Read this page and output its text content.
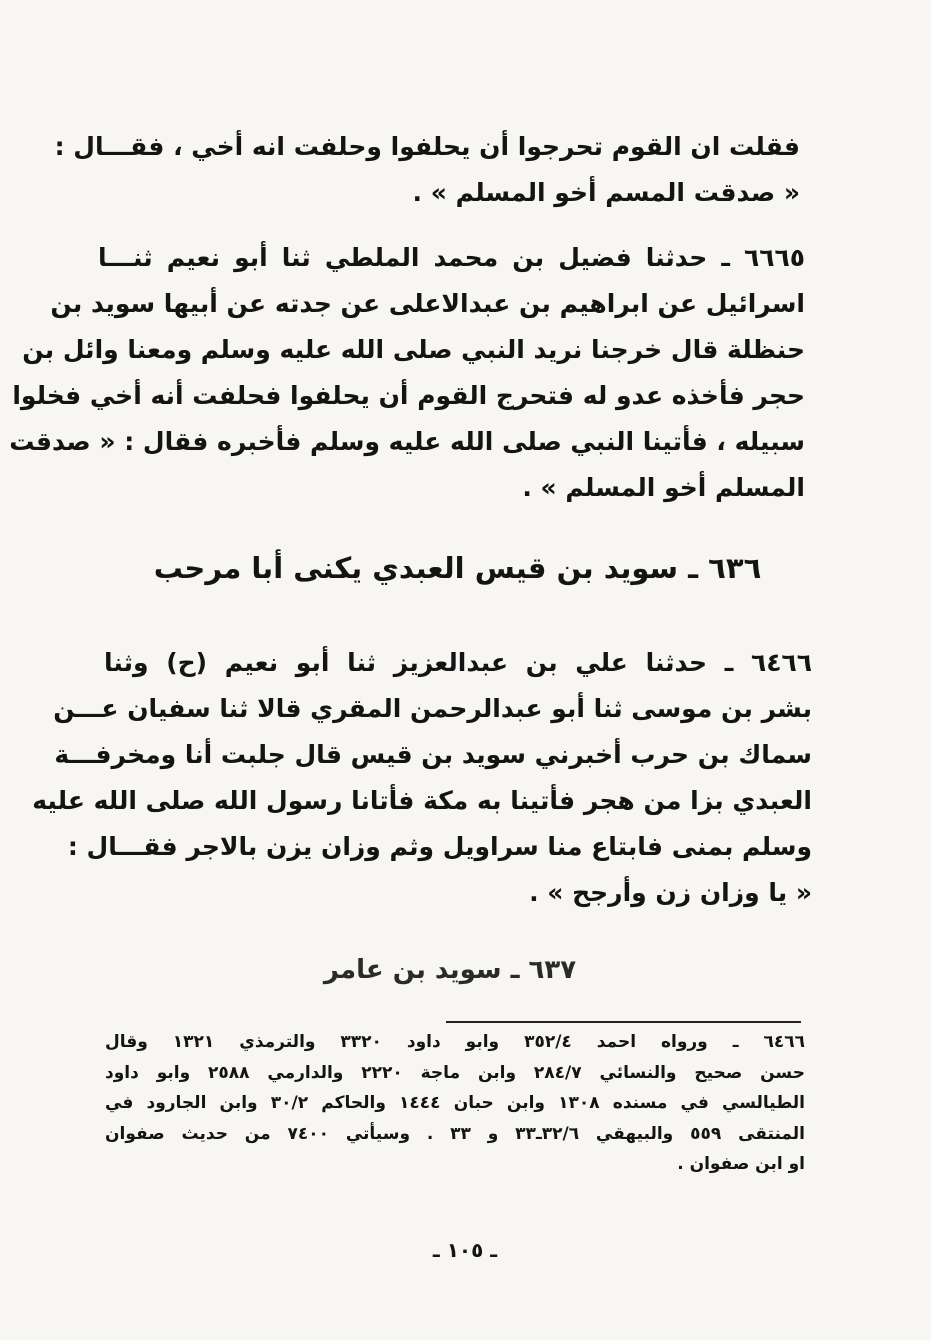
فقلت ان القوم تحرجوا أن يحلفوا وحلفت انه أخي ، فقـــال :
« صدقت المسم أخو المسلم » .
٦٦٦٥ ـ حدثنا فضيل بن محمد الملطي ثنا أبو نعيم ثنـــا
اسرائيل عن ابراهيم بن عبدالاعلى عن جدته عن أبيها سويد بن
حنظلة قال خرجنا نريد النبي صلى الله عليه وسلم ومعنا وائل بن
حجر فأخذه عدو له فتحرج القوم أن يحلفوا فحلفت أنه أخي فخلوا
سبيله ، فأتينا النبي صلى الله عليه وسلم فأخبره فقال : « صدقت
المسلم أخو المسلم » .
٦٣٦ ـ سويد بن قيس العبدي يكنى أبا مرحب
٦٤٦٦ ـ حدثنا علي بن عبدالعزيز ثنا أبو نعيم (ح) وثنا
بشر بن موسى ثنا أبو عبدالرحمن المقري قالا ثنا سفيان عـــن
سماك بن حرب أخبرني سويد بن قيس قال جلبت أنا ومخرفـــة
العبدي بزا من هجر فأتينا به مكة فأتانا رسول الله صلى الله عليه
وسلم بمنى فابتاع منا سراويل وثم وزان يزن بالاجر فقـــال :
« يا وزان زن وأرجح » .
٦٣٧ ـ سويد بن عامر
٦٤٦٦ ـ ورواه احمد ٣٥٢/٤ وابو داود ٣٣٢٠ والترمذي ١٣٢١ وقال
حسن صحيح والنسائي ٢٨٤/٧ وابن ماجة ٢٢٢٠ والدارمي ٢٥٨٨ وابو داود
الطيالسي في مسنده ١٣٠٨ وابن حبان ١٤٤٤ والحاكم ٣٠/٢ وابن الجارود في
المنتقى ٥٥٩ والبيهقي ٣٢/٦ـ٣٣ و ٣٣ . وسيأتي ٧٤٠٠ من حديث صفوان
او ابن صفوان .
ـ ١٠٥ ـ
